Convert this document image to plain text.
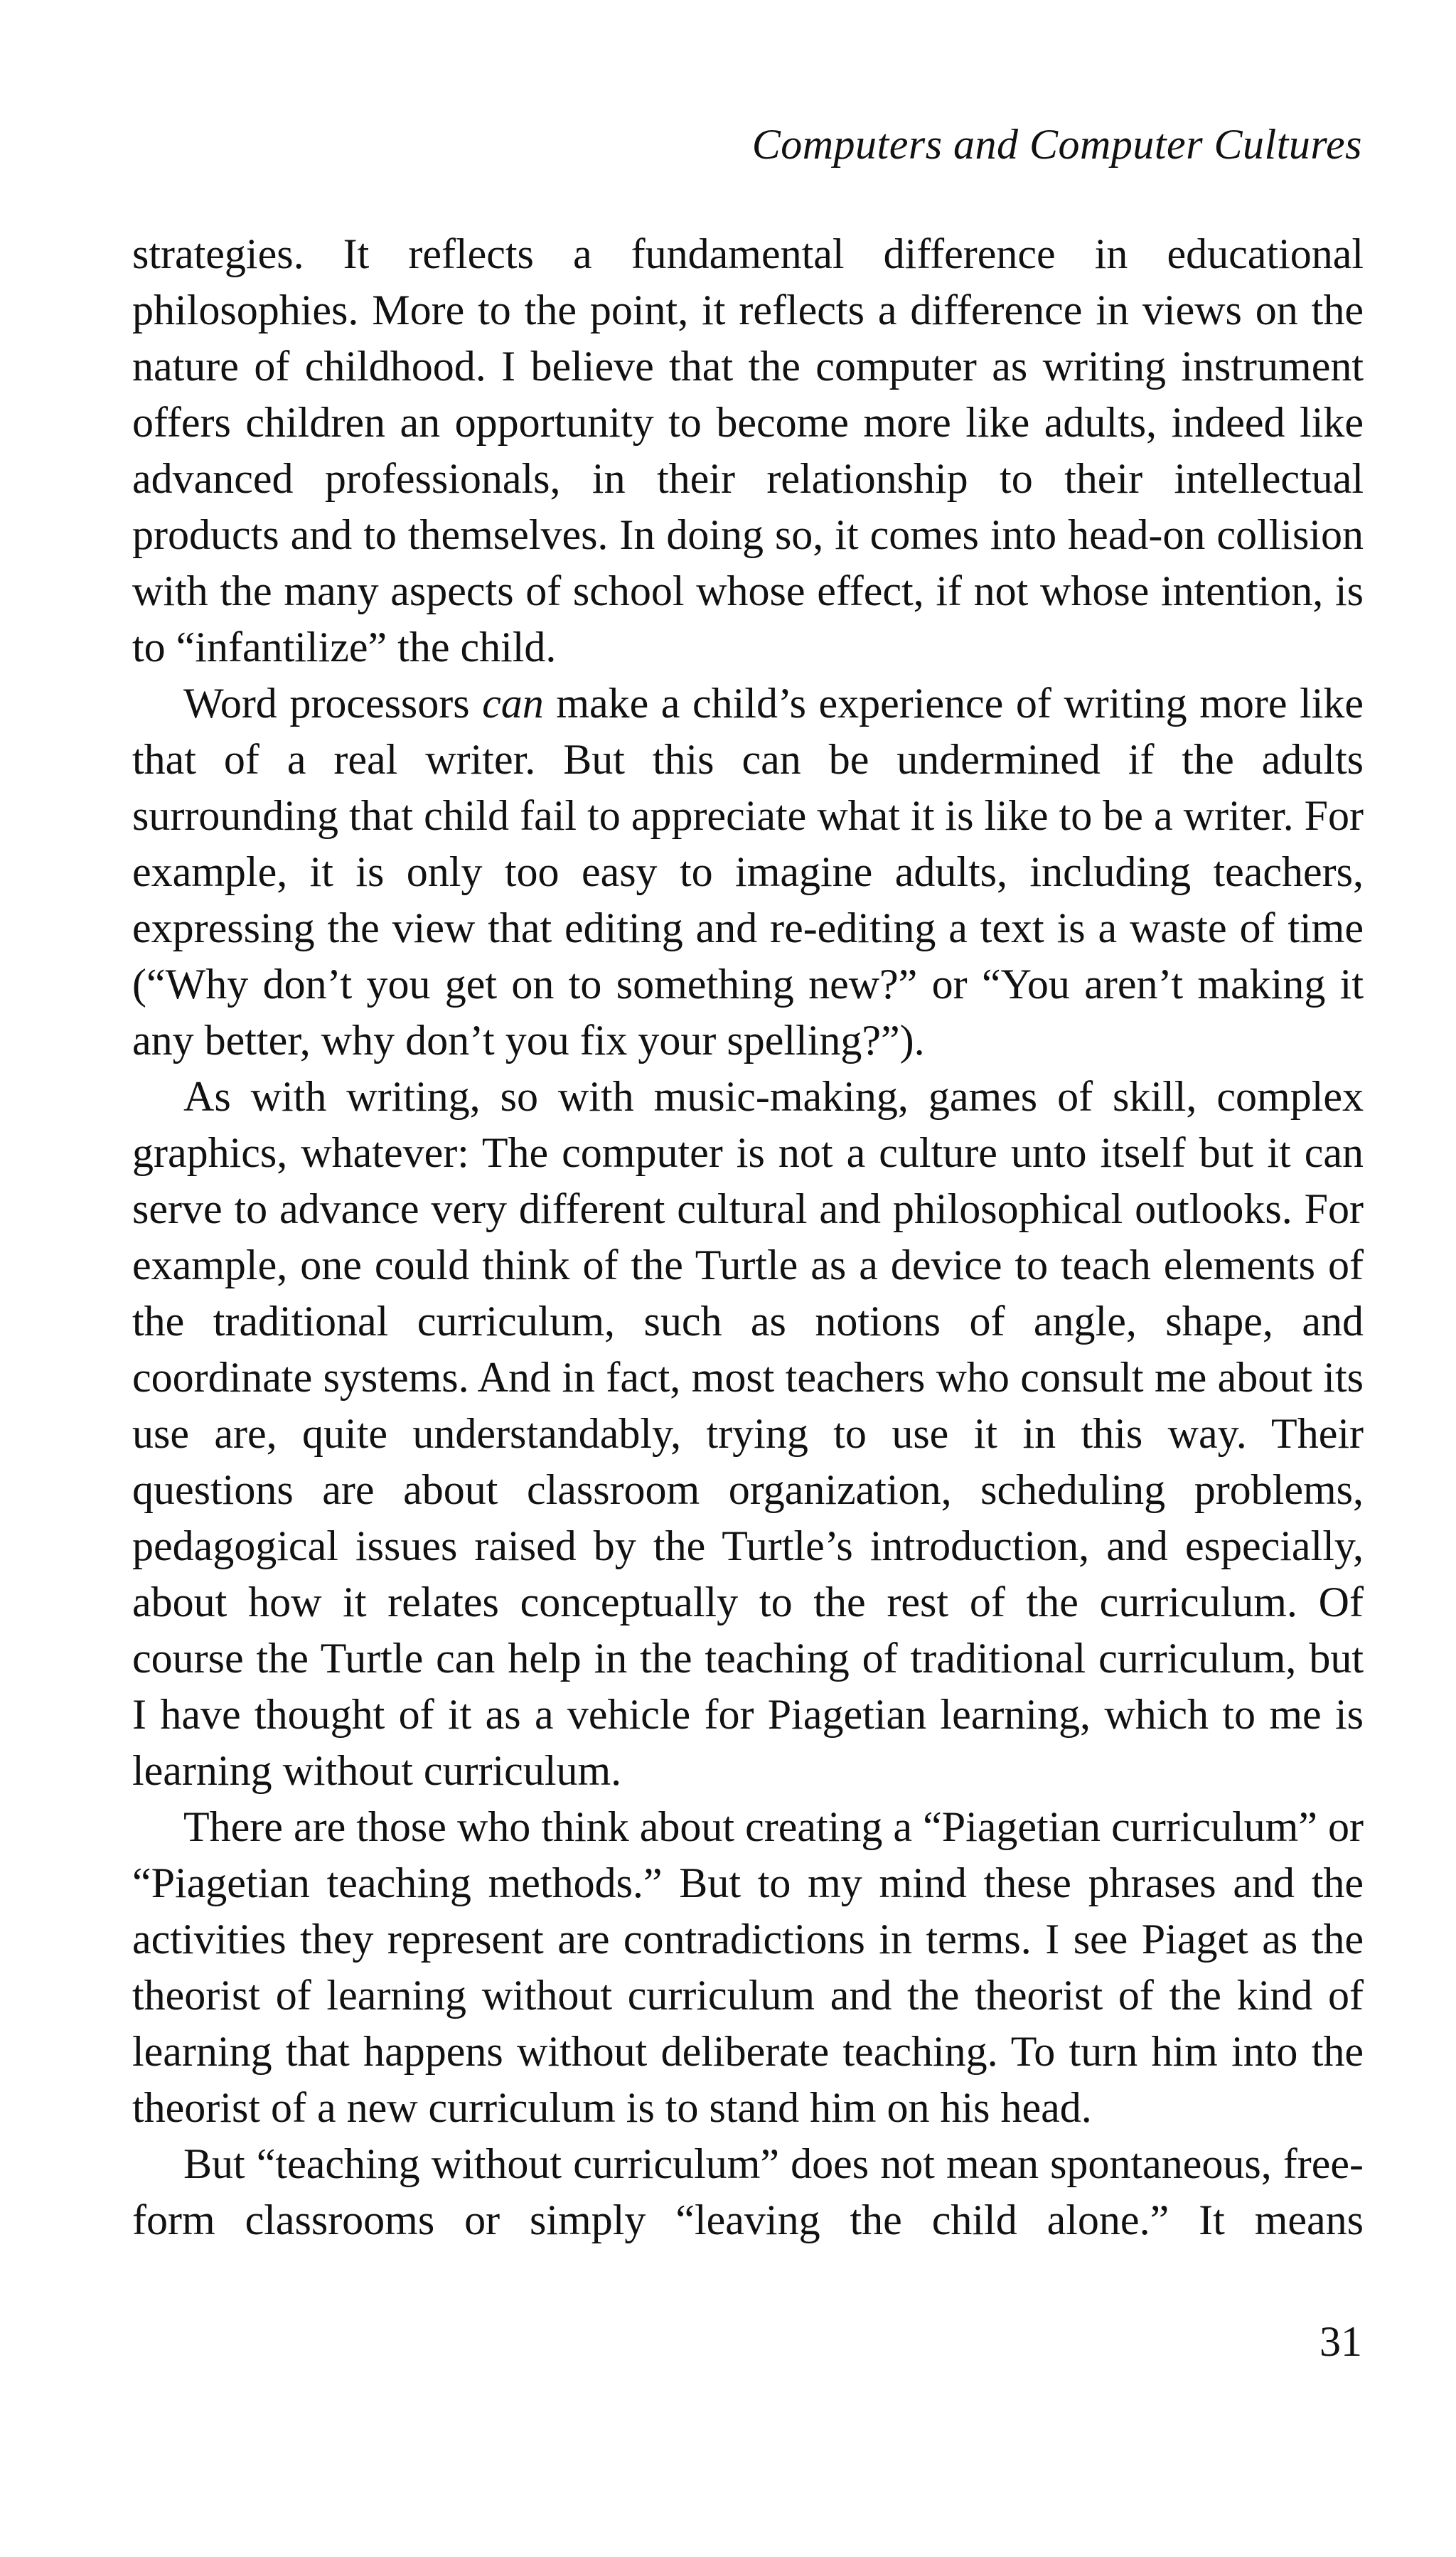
Computers and Computer Cultures

strategies. It reflects a fundamental difference in educational philosophies. More to the point, it reflects a difference in views on the nature of childhood. I believe that the computer as writing instrument offers children an opportunity to become more like adults, indeed like advanced professionals, in their relationship to their intellectual products and to themselves. In doing so, it comes into head-on collision with the many aspects of school whose effect, if not whose intention, is to “infantilize” the child.

Word processors can make a child’s experience of writing more like that of a real writer. But this can be undermined if the adults surrounding that child fail to appreciate what it is like to be a writer. For example, it is only too easy to imagine adults, including teachers, expressing the view that editing and re-editing a text is a waste of time (“Why don’t you get on to something new?” or “You aren’t making it any better, why don’t you fix your spelling?”).

As with writing, so with music-making, games of skill, complex graphics, whatever: The computer is not a culture unto itself but it can serve to advance very different cultural and philosophical outlooks. For example, one could think of the Turtle as a device to teach elements of the traditional curriculum, such as notions of angle, shape, and coordinate systems. And in fact, most teachers who consult me about its use are, quite understandably, trying to use it in this way. Their questions are about classroom organization, scheduling problems, pedagogical issues raised by the Turtle’s introduction, and especially, about how it relates conceptually to the rest of the curriculum. Of course the Turtle can help in the teaching of traditional curriculum, but I have thought of it as a vehicle for Piagetian learning, which to me is learning without curriculum.

There are those who think about creating a “Piagetian curriculum” or “Piagetian teaching methods.” But to my mind these phrases and the activities they represent are contradictions in terms. I see Piaget as the theorist of learning without curriculum and the theorist of the kind of learning that happens without deliberate teaching. To turn him into the theorist of a new curriculum is to stand him on his head.

But “teaching without curriculum” does not mean spontaneous, free-form classrooms or simply “leaving the child alone.” It means

31
